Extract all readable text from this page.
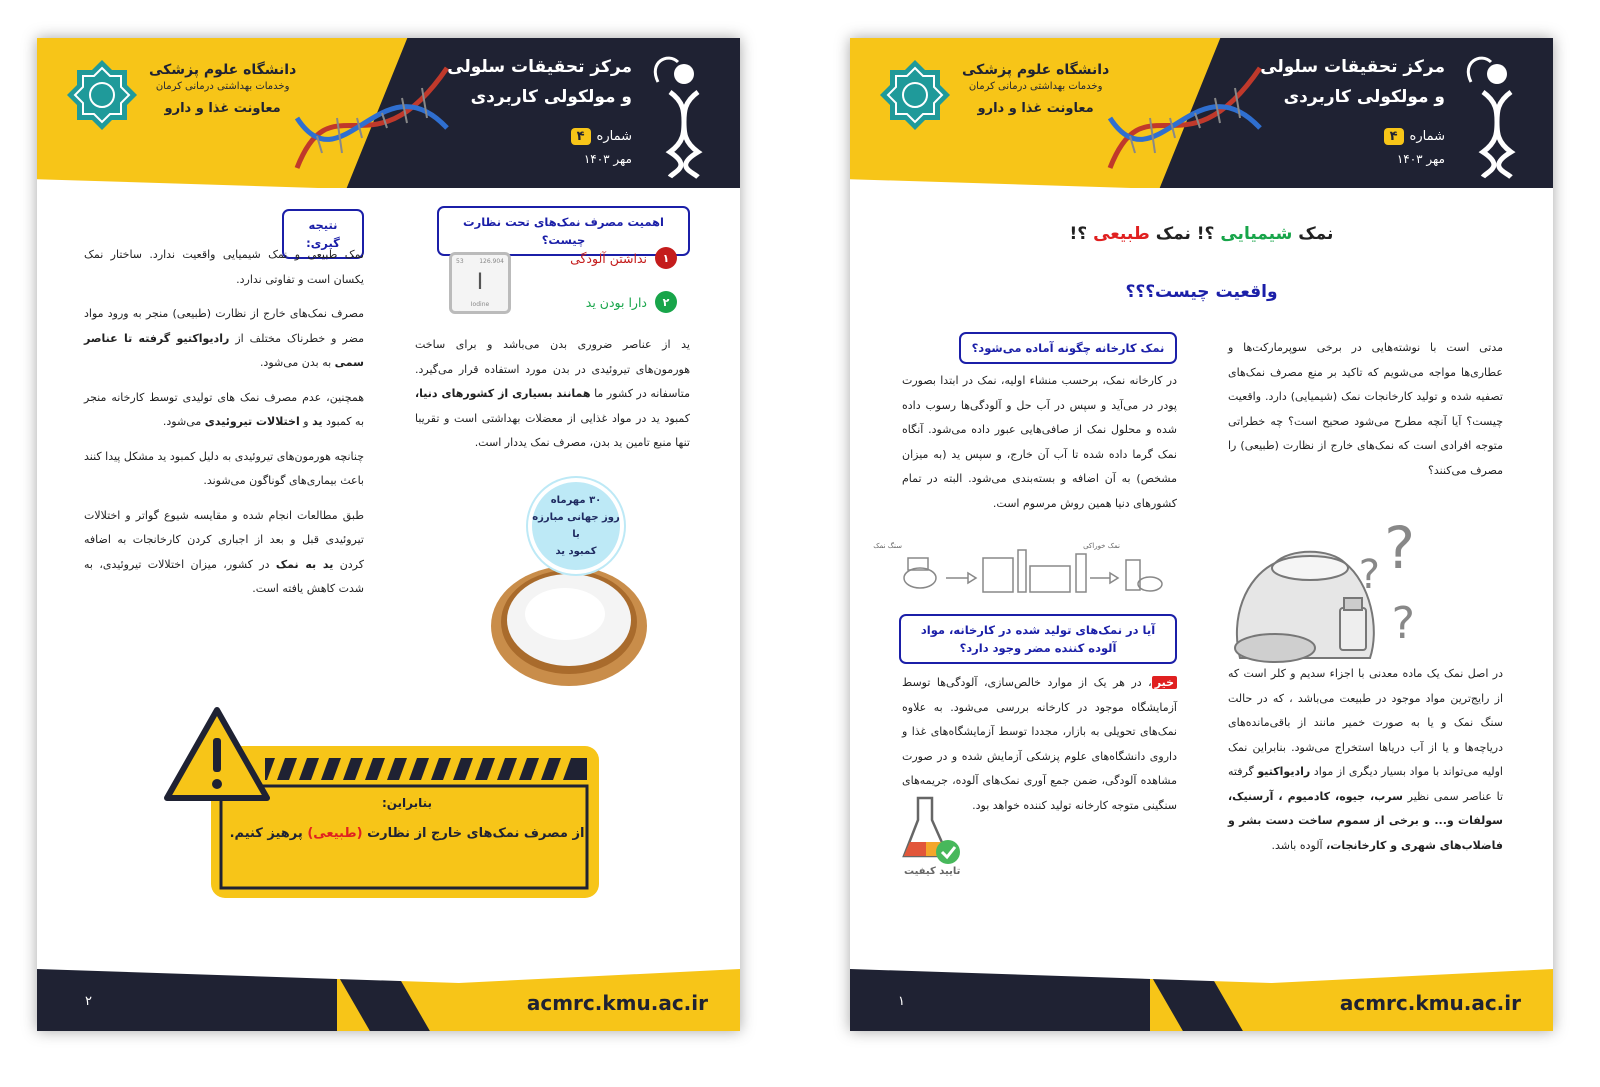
مرکز تحقیقات سلولی
و مولکولی کاربردی
شماره
۴
مهر ۱۴۰۳
دانشگاه علوم پزشکی
وخدمات بهداشتی درمانی کرمان
معاونت غذا و دارو
اهمیت مصرف نمک‌های تحت نظارت چیست؟
۱
نداشتن آلودگی
۲
دارا بودن ید
53	126.904
I
Iodine

ید از عناصر ضروری بدن می‌باشد و برای ساخت هورمون‌های تیروئیدی در بدن مورد استفاده قرار می‌گیرد. متاسفانه در کشور ما همانند بسیاری از کشورهای دنیا، کمبود ید در مواد غذایی از معضلات بهداشتی است و تقریبا تنها منبع تامین ید بدن، مصرف نمک یددار است.

۳۰ مهرماه
روز جهانی مبارزه با
کمبود ید
نتیجه گیری:

نمک طبیعی و نمک شیمیایی واقعیت ندارد. ساختار نمک یکسان است و تفاوتی ندارد.

مصرف نمک‌های خارج از نظارت (طبیعی) منجر به ورود مواد مضر و خطرناک مختلف از رادیواکتیو گرفته تا عناصر سمی به بدن می‌شود.

همچنین، عدم مصرف نمک های تولیدی توسط کارخانه منجر به کمبود ید و اختلالات تیروئیدی می‌شود.

چنانچه هورمون‌های تیروئیدی به دلیل کمبود ید مشکل پیدا کنند باعث بیماری‌های گوناگون می‌شوند.

طبق مطالعات انجام شده و مقایسه شیوع گواتر و اختلالات تیروئیدی قبل و بعد از اجباری کردن کارخانجات به اضافه کردن ید به نمک در کشور، میزان اختلالات تیروئیدی، به شدت کاهش یافته است.

بنابراین:
از مصرف نمک‌های خارج از نظارت (طبیعی) پرهیز کنیم.
acmrc.kmu.ac.ir
۲
مرکز تحقیقات سلولی
و مولکولی کاربردی
شماره
۴
مهر ۱۴۰۳
دانشگاه علوم پزشکی
وخدمات بهداشتی درمانی کرمان
معاونت غذا و دارو
نمک شیمیایی ؟! نمک طبیعی ؟!
واقعیت چیست؟؟؟

مدتی است با نوشته‌هایی در برخی سوپرمارکت‌ها و عطاری‌ها مواجه می‌شویم که تاکید بر منع مصرف نمک‌های تصفیه شده و تولید کارخانجات نمک (شیمیایی) دارد. واقعیت چیست؟ آیا آنچه مطرح می‌شود صحیح است؟ چه خطراتی متوجه افرادی است که نمک‌های خارج از نظارت (طبیعی) را مصرف می‌کنند؟

? ?
?

در اصل نمک یک ماده معدنی با اجزاء سدیم و کلر است که از رایج‌ترین مواد موجود در طبیعت می‌باشد ، که در حالت سنگ نمک و یا به صورت خمیر مانند از باقی‌مانده‌های دریاچه‌ها و یا از آب دریاها استخراج می‌شود. بنابراین نمک اولیه می‌تواند با مواد بسیار دیگری از مواد رادیواکتیو گرفته تا عناصر سمی نظیر سرب، جیوه، کادمیوم ، آرسنیک، سولفات و... و برخی از سموم ساخت دست بشر و فاضلاب‌های شهری و کارخانجات، آلوده باشد.

نمک کارخانه چگونه آماده می‌شود؟

در کارخانه نمک، برحسب منشاء اولیه، نمک در ابتدا بصورت پودر در می‌آید و سپس در آب حل و آلودگی‌ها رسوب داده شده و محلول نمک از صافی‌هایی عبور داده می‌شود. آنگاه نمک گرما داده شده تا آب آن خارج، و سپس ید (به میزان مشخص) به آن اضافه و بسته‌بندی می‌شود. البته در تمام کشورهای دنیا همین روش مرسوم است.

سنگ نمک	نمک خوراکی
آیا در نمک‌های تولید شده در کارخانه، مواد آلوده کننده مضر وجود دارد؟

خیر، در هر یک از موارد خالص‌سازی، آلودگی‌ها توسط آزمایشگاه موجود در کارخانه بررسی می‌شود. به علاوه نمک‌های تحویلی به بازار، مجددا توسط آزمایشگاه‌های غذا و داروی دانشگاه‌های علوم پزشکی آزمایش شده و در صورت مشاهده آلودگی، ضمن جمع آوری نمک‌های آلوده، جریمه‌های سنگینی متوجه کارخانه تولید کننده خواهد بود.

تایید کیفیت
acmrc.kmu.ac.ir
۱
